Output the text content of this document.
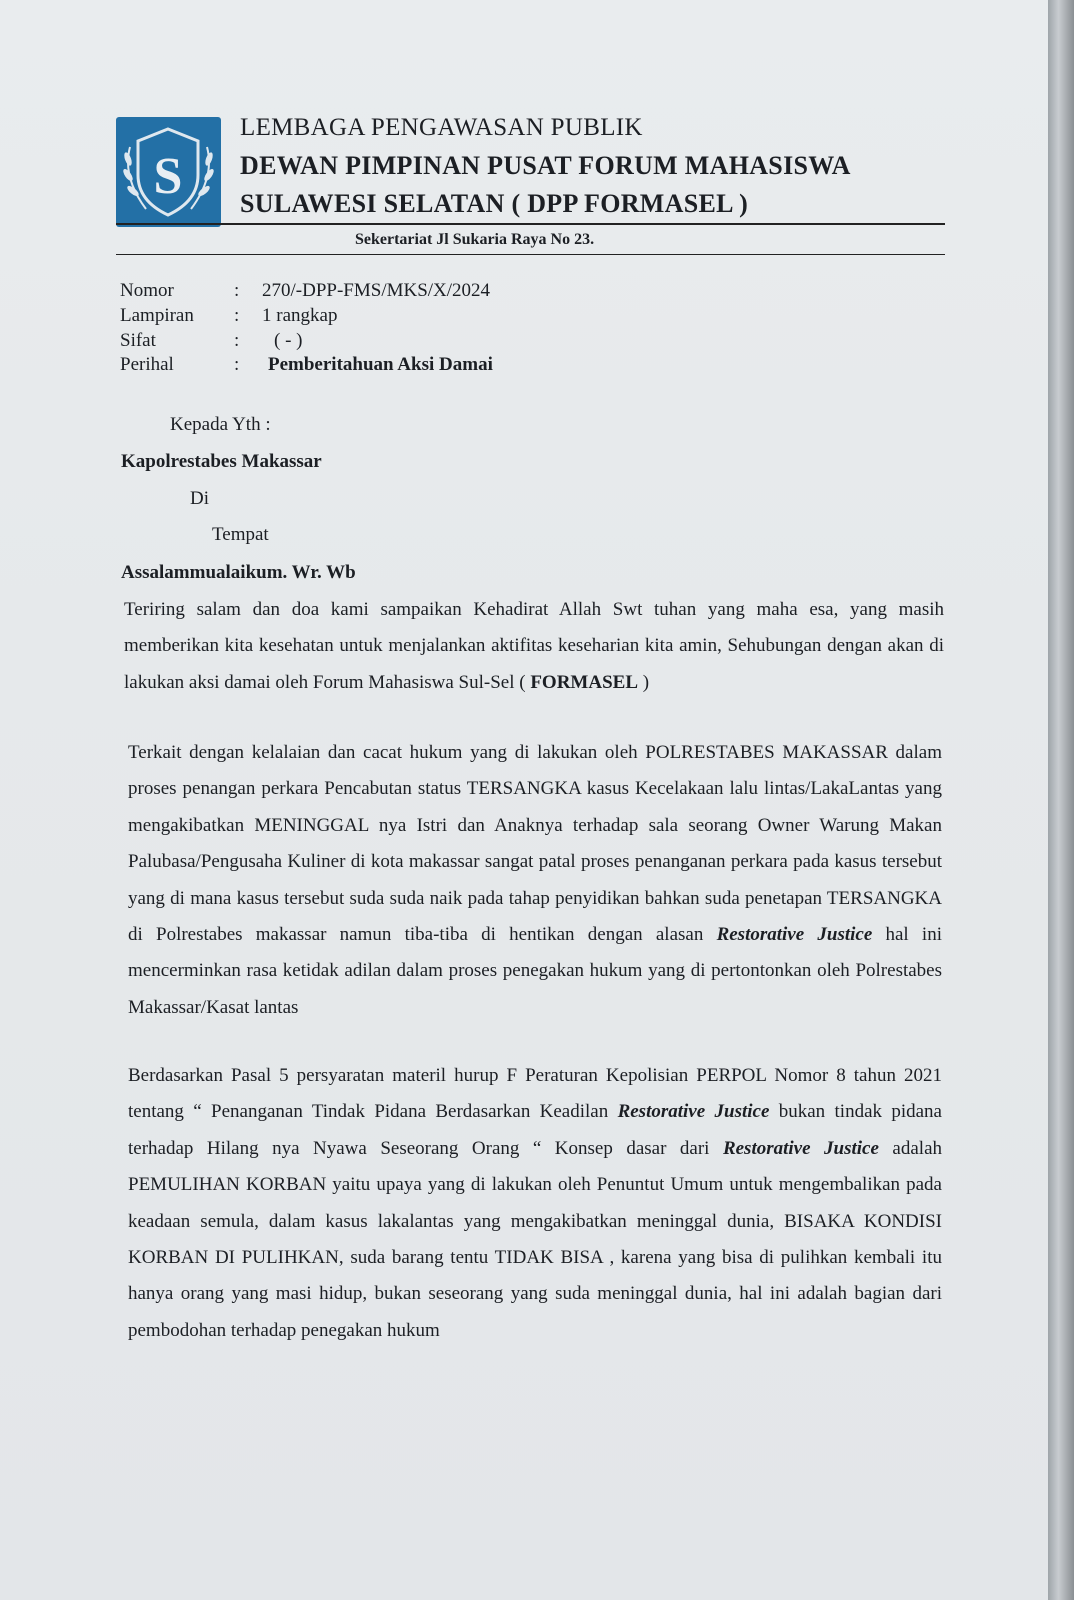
S
LEMBAGA PENGAWASAN PUBLIK
DEWAN PIMPINAN PUSAT FORUM MAHASISWA
SULAWESI SELATAN ( DPP FORMASEL )
Sekertariat Jl Sukaria Raya No 23.
Nomor	: 270/-DPP-FMS/MKS/X/2024
Lampiran : 1 rangkap
Sifat	: ( - )
Perihal	: Pemberitahuan Aksi Damai
Kepada Yth :
Kapolrestabes Makassar
Di
Tempat
Assalammualaikum. Wr. Wb
Teriring salam dan doa kami sampaikan Kehadirat Allah Swt tuhan yang maha esa, yang masih memberikan kita kesehatan untuk menjalankan aktifitas keseharian kita amin, Sehubungan dengan akan di lakukan aksi damai oleh Forum Mahasiswa Sul-Sel ( FORMASEL )
Terkait dengan kelalaian dan cacat hukum yang di lakukan oleh POLRESTABES MAKASSAR dalam proses penangan perkara Pencabutan status TERSANGKA kasus Kecelakaan lalu lintas/LakaLantas yang mengakibatkan MENINGGAL nya Istri dan Anaknya terhadap sala seorang Owner Warung Makan Palubasa/Pengusaha Kuliner di kota makassar sangat patal proses penanganan perkara pada kasus tersebut yang di mana kasus tersebut suda suda naik pada tahap penyidikan bahkan suda penetapan TERSANGKA di Polrestabes makassar namun tiba-tiba di hentikan dengan alasan Restorative Justice hal ini mencerminkan rasa ketidak adilan dalam proses penegakan hukum yang di pertontonkan oleh Polrestabes Makassar/Kasat lantas
Berdasarkan Pasal 5 persyaratan materil hurup F Peraturan Kepolisian PERPOL Nomor 8 tahun 2021 tentang “ Penanganan Tindak Pidana Berdasarkan Keadilan Restorative Justice bukan tindak pidana terhadap Hilang nya Nyawa Seseorang Orang “ Konsep dasar dari Restorative Justice adalah PEMULIHAN KORBAN yaitu upaya yang di lakukan oleh Penuntut Umum untuk mengembalikan pada keadaan semula, dalam kasus lakalantas yang mengakibatkan meninggal dunia, BISAKA KONDISI KORBAN DI PULIHKAN, suda barang tentu TIDAK BISA , karena yang bisa di pulihkan kembali itu hanya orang yang masi hidup, bukan seseorang yang suda meninggal dunia, hal ini adalah bagian dari pembodohan terhadap penegakan hukum
